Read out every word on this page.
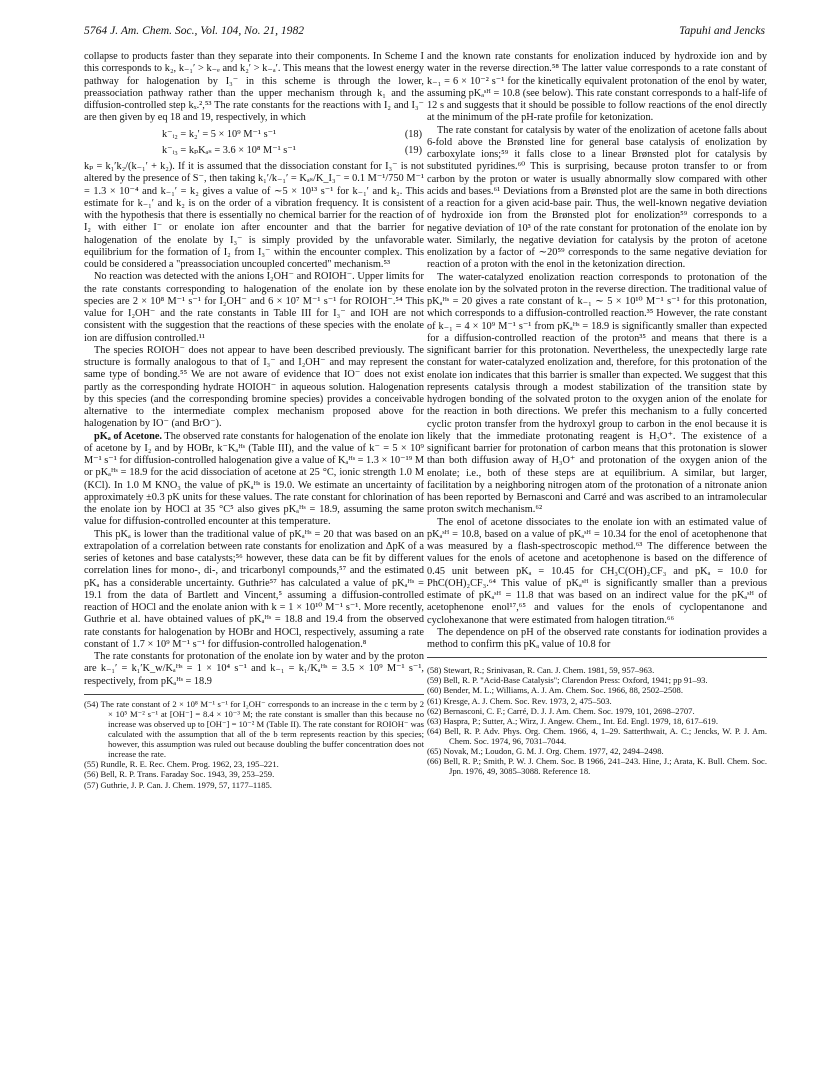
5764 J. Am. Chem. Soc., Vol. 104, No. 21, 1982	Tapuhi and Jencks

collapse to products faster than they separate into their components. In Scheme I this corresponds to k₂, k₋₁′ > k₋ₑ and k₂′ > k₋ₐ′. This means that the lowest energy pathway for halogenation by I₃⁻ in this scheme is through the lower, preassociation pathway rather than the upper mechanism through k₁ and the diffusion-controlled step kₓ.²,⁵³ The rate constants for the reactions with I₂ and I₃⁻ are then given by eq 18 and 19, respectively, in which

k⁻ᵢ₂ = k₂′ = 5 × 10⁹ M⁻¹ s⁻¹	(18)
k⁻ᵢ₃ = kₚKₐₛ = 3.6 × 10⁸ M⁻¹ s⁻¹	(19)

kₚ = k₁′k₂/(k₋₁′ + k₂). If it is assumed that the dissociation constant for I₃⁻ is not altered by the presence of S⁻, then taking k₁′/k₋₁′ = Kₐₛ/K_I₃⁻ = 0.1 M⁻¹/750 M⁻¹ = 1.3 × 10⁻⁴ and k₋₁′ = k₂ gives a value of ∼5 × 10¹³ s⁻¹ for k₋₁′ and k₂. This estimate for k₋₁′ and k₂ is on the order of a vibration frequency. It is consistent with the hypothesis that there is essentially no chemical barrier for the reaction of I₂ with either I⁻ or enolate ion after encounter and that the barrier for halogenation of the enolate by I₃⁻ is simply provided by the unfavorable equilibrium for the formation of I₂ from I₃⁻ within the encounter complex. This could be considered a "preassociation uncoupled concerted" mechanism.⁵³

No reaction was detected with the anions I₂OH⁻ and ROIOH⁻. Upper limits for the rate constants corresponding to halogenation of the enolate ion by these species are 2 × 10⁸ M⁻¹ s⁻¹ for I₂OH⁻ and 6 × 10⁷ M⁻¹ s⁻¹ for ROIOH⁻.⁵⁴ This value for I₂OH⁻ and the rate constants in Table III for I₃⁻ and IOH are not consistent with the suggestion that the reactions of these species with the enolate ion are diffusion controlled.¹¹

The species ROIOH⁻ does not appear to have been described previously. The structure is formally analogous to that of I₃⁻ and I₂OH⁻ and may represent the same type of bonding.⁵⁵ We are not aware of evidence that IO⁻ does not exist partly as the corresponding hydrate HOIOH⁻ in aqueous solution. Halogenation by this species (and the corresponding bromine species) provides a conceivable alternative to the intermediate complex mechanism proposed above for halogenation by IO⁻ (and BrO⁻).

pKₐ of Acetone. The observed rate constants for halogenation of the enolate ion of acetone by I₂ and by HOBr, k⁻Kₐᴴˢ (Table III), and the value of k⁻ = 5 × 10⁹ M⁻¹ s⁻¹ for diffusion-controlled halogenation give a value of Kₐᴴˢ = 1.3 × 10⁻¹⁹ M or pKₐᴴˢ = 18.9 for the acid dissociation of acetone at 25 °C, ionic strength 1.0 M (KCl). In 1.0 M KNO₃ the value of pKₐᴴˢ is 19.0. We estimate an uncertainty of approximately ±0.3 pK units for these values. The rate constant for chlorination of the enolate ion by HOCl at 35 °C⁵ also gives pKₐᴴˢ = 18.9, assuming the same value for diffusion-controlled encounter at this temperature.

This pKₐ is lower than the traditional value of pKₐᴴˢ = 20 that was based on an extrapolation of a correlation between rate constants for enolization and ΔpK of a series of ketones and base catalysts;⁵⁶ however, these data can be fit by different correlation lines for mono-, di-, and tricarbonyl compounds,⁵⁷ and the estimated pKₐ has a considerable uncertainty. Guthrie⁵⁷ has calculated a value of pKₐᴴˢ = 19.1 from the data of Bartlett and Vincent,⁵ assuming a diffusion-controlled reaction of HOCl and the enolate anion with k = 1 × 10¹⁰ M⁻¹ s⁻¹. More recently, Guthrie et al. have obtained values of pKₐᴴˢ = 18.8 and 19.4 from the observed rate constants for halogenation by HOBr and HOCl, respectively, assuming a rate constant of 1.7 × 10⁹ M⁻¹ s⁻¹ for diffusion-controlled halogenation.⁸

The rate constants for protonation of the enolate ion by water and by the proton are k₋₁′ = k₁′K_w/Kₐᴴˢ = 1 × 10⁴ s⁻¹ and k₋₁ = k₁/Kₐᴴˢ = 3.5 × 10⁹ M⁻¹ s⁻¹, respectively, from pKₐᴴˢ = 18.9

(54) The rate constant of 2 × 10⁸ M⁻¹ s⁻¹ for I₂OH⁻ corresponds to an increase in the c term by 2 × 10⁵ M⁻² s⁻¹ at [OH⁻] = 8.4 × 10⁻³ M; the rate constant is smaller than this because no increase was observed up to [OH⁻] = 10⁻² M (Table II). The rate constant for ROIOH⁻ was calculated with the assumption that all of the b term represents reaction by this species; however, this assumption was ruled out because doubling the buffer concentration does not increase the rate.

(55) Rundle, R. E. Rec. Chem. Prog. 1962, 23, 195–221.

(56) Bell, R. P. Trans. Faraday Soc. 1943, 39, 253–259.

(57) Guthrie, J. P. Can. J. Chem. 1979, 57, 1177–1185.

and the known rate constants for enolization induced by hydroxide ion and by water in the reverse direction.⁵⁸ The latter value corresponds to a rate constant of k₋₁ = 6 × 10⁻² s⁻¹ for the kinetically equivalent protonation of the enol by water, assuming pKₐˢᴴ = 10.8 (see below). This rate constant corresponds to a half-life of 12 s and suggests that it should be possible to follow reactions of the enol directly at the minimum of the pH-rate profile for ketonization.

The rate constant for catalysis by water of the enolization of acetone falls about 6-fold above the Brønsted line for general base catalysis of enolization by carboxylate ions;⁵⁹ it falls close to a linear Brønsted plot for catalysis by substituted pyridines.⁶⁰ This is surprising, because proton transfer to or from carbon by the proton or water is usually abnormally slow compared with other acids and bases.⁶¹ Deviations from a Brønsted plot are the same in both directions of a reaction for a given acid-base pair. Thus, the well-known negative deviation of hydroxide ion from the Brønsted plot for enolization⁵⁹ corresponds to a negative deviation of 10³ of the rate constant for protonation of the enolate ion by water. Similarly, the negative deviation for catalysis by the proton of acetone enolization by a factor of ∼20⁵⁹ corresponds to the same negative deviation for reaction of a proton with the enol in the ketonization direction.

The water-catalyzed enolization reaction corresponds to protonation of the enolate ion by the solvated proton in the reverse direction. The traditional value of pKₐᴴˢ = 20 gives a rate constant of k₋₁ ∼ 5 × 10¹⁰ M⁻¹ s⁻¹ for this protonation, which corresponds to a diffusion-controlled reaction.³⁵ However, the rate constant of k₋₁ = 4 × 10⁹ M⁻¹ s⁻¹ from pKₐᴴˢ = 18.9 is significantly smaller than expected for a diffusion-controlled reaction of the proton³⁵ and means that there is a significant barrier for this protonation. Nevertheless, the unexpectedly large rate constant for water-catalyzed enolization and, therefore, for this protonation of the enolate ion indicates that this barrier is smaller than expected. We suggest that this represents catalysis through a modest stabilization of the transition state by hydrogen bonding of the solvated proton to the oxygen anion of the enolate for the reaction in both directions. We prefer this mechanism to a fully concerted cyclic proton transfer from the hydroxyl group to carbon in the enol because it is likely that the immediate protonating reagent is H₃O⁺. The existence of a significant barrier for protonation of carbon means that this protonation is slower than both diffusion away of H₃O⁺ and protonation of the oxygen anion of the enolate; i.e., both of these steps are at equilibrium. A similar, but larger, facilitation by a neighboring nitrogen atom of the protonation of a nitronate anion has been reported by Bernasconi and Carré and was ascribed to an intramolecular proton switch mechanism.⁶²

The enol of acetone dissociates to the enolate ion with an estimated value of pKₐˢᴴ = 10.8, based on a value of pKₐˢᴴ = 10.34 for the enol of acetophenone that was measured by a flash-spectroscopic method.⁶³ The difference between the values for the enols of acetone and acetophenone is based on the difference of 0.45 unit between pKₐ = 10.45 for CH₃C(OH)₂CF₃ and pKₐ = 10.0 for PhC(OH)₂CF₃.⁶⁴ This value of pKₐˢᴴ is significantly smaller than a previous estimate of pKₐˢᴴ = 11.8 that was based on an indirect value for the pKₐˢᴴ of acetophenone enol¹⁷,⁶⁵ and values for the enols of cyclopentanone and cyclohexanone that were estimated from halogen titration.⁶⁶

The dependence on pH of the observed rate constants for iodination provides a method to confirm this pKₐ value of 10.8 for

(58) Stewart, R.; Srinivasan, R. Can. J. Chem. 1981, 59, 957–963.

(59) Bell, R. P. "Acid-Base Catalysis"; Clarendon Press: Oxford, 1941; pp 91–93.

(60) Bender, M. L.; Williams, A. J. Am. Chem. Soc. 1966, 88, 2502–2508.

(61) Kresge, A. J. Chem. Soc. Rev. 1973, 2, 475–503.

(62) Bernasconi, C. F.; Carré, D. J. J. Am. Chem. Soc. 1979, 101, 2698–2707.

(63) Haspra, P.; Sutter, A.; Wirz, J. Angew. Chem., Int. Ed. Engl. 1979, 18, 617–619.

(64) Bell, R. P. Adv. Phys. Org. Chem. 1966, 4, 1–29. Satterthwait, A. C.; Jencks, W. P. J. Am. Chem. Soc. 1974, 96, 7031–7044.

(65) Novak, M.; Loudon, G. M. J. Org. Chem. 1977, 42, 2494–2498.

(66) Bell, R. P.; Smith, P. W. J. Chem. Soc. B 1966, 241–243. Hine, J.; Arata, K. Bull. Chem. Soc. Jpn. 1976, 49, 3085–3088. Reference 18.
